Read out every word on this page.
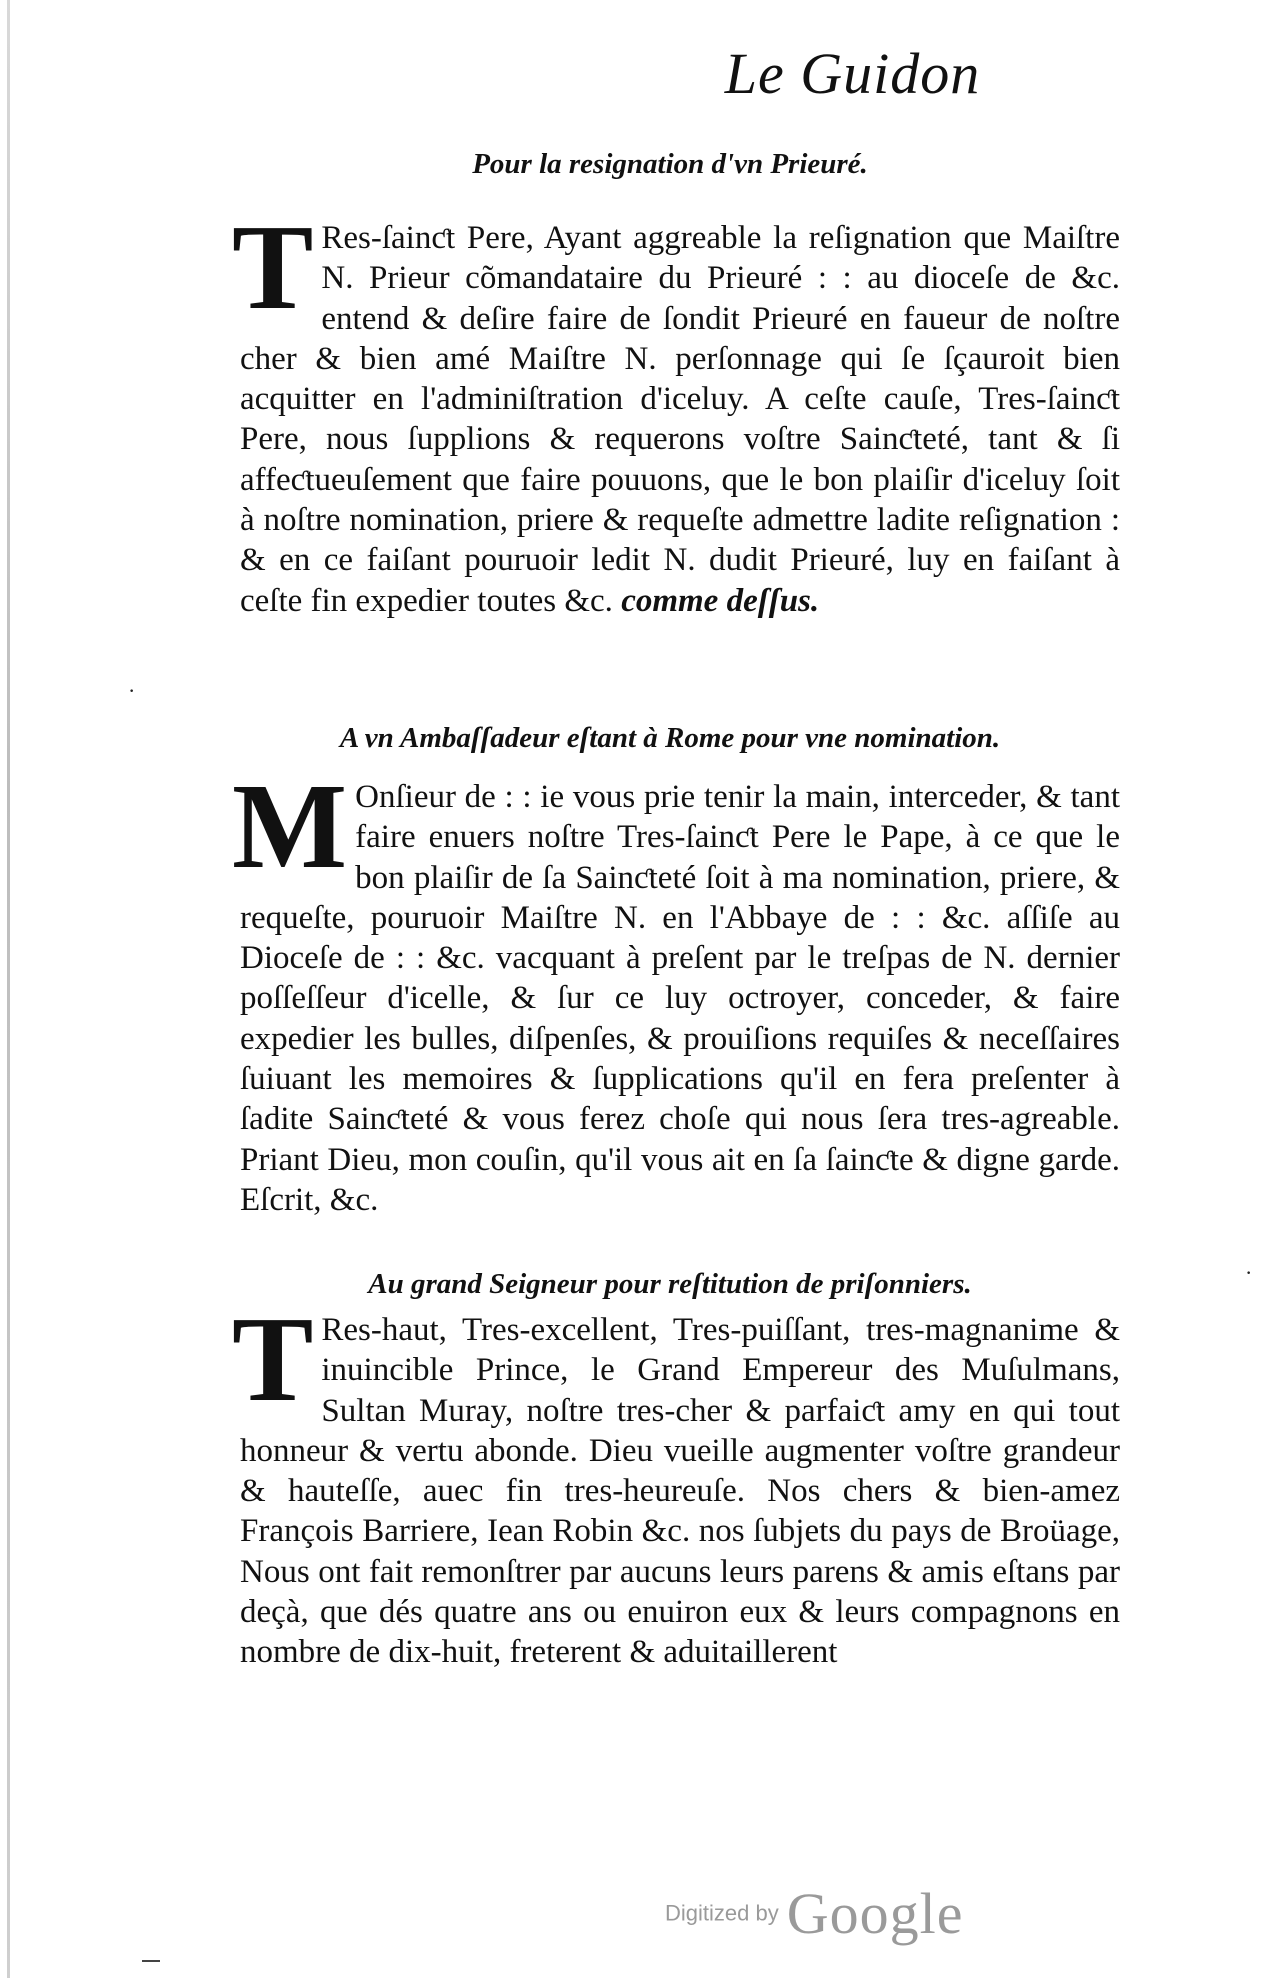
Le Guidon
Pour la resignation d'vn Prieuré.
T Res-ſainƈt Pere, Ayant aggreable la reſignation que Maiſtre N. Prieur cõmandataire du Prieuré : : au dioceſe de &c. entend & deſire faire de ſondit Prieuré en faueur de noſtre cher & bien amé Maiſtre N. perſonnage qui ſe ſçauroit bien acquitter en l'adminiſtration d'iceluy. A ceſte cauſe, Tres-ſainƈt Pere, nous ſupplions & requerons voſtre Sainƈteté, tant & ſi affeƈtueuſement que faire pouuons, que le bon plaiſir d'iceluy ſoit à noſtre nomination, priere & requeſte admettre ladite reſignation : & en ce faiſant pouruoir ledit N. dudit Prieuré, luy en faiſant à ceſte fin expedier toutes &c. comme deſſus.
A vn Ambaſſadeur eſtant à Rome pour vne nomination.
M Onſieur de : : ie vous prie tenir la main, interceder, & tant faire enuers noſtre Tres-ſainƈt Pere le Pape, à ce que le bon plaiſir de ſa Sainƈteté ſoit à ma nomination, priere, & requeſte, pouruoir Maiſtre N. en l'Abbaye de : : &c. aſſiſe au Dioceſe de : : &c. vacquant à preſent par le treſpas de N. dernier poſſeſſeur d'icelle, & ſur ce luy octroyer, conceder, & faire expedier les bulles, diſpenſes, & prouiſions requiſes & neceſſaires ſuiuant les memoires & ſupplications qu'il en fera preſenter à ſadite Sainƈteté & vous ferez choſe qui nous ſera tres-agreable. Priant Dieu, mon couſin, qu'il vous ait en ſa ſainƈte & digne garde. Eſcrit, &c.
Au grand Seigneur pour reſtitution de priſonniers.
T Res-haut, Tres-excellent, Tres-puiſſant, tres-magnanime & inuincible Prince, le Grand Empereur des Muſulmans, Sultan Muray, noſtre tres-cher & parfaiƈt amy en qui tout honneur & vertu abonde. Dieu vueille augmenter voſtre grandeur & hauteſſe, auec fin tres-heureuſe. Nos chers & bien-amez François Barriere, Iean Robin &c. nos ſubjets du pays de Broüage, Nous ont fait remonſtrer par aucuns leurs parens & amis eſtans par deçà, que dés quatre ans ou enuiron eux & leurs compagnons en nombre de dix-huit, freterent & aduitaillerent
·
·
Digitized by Google
